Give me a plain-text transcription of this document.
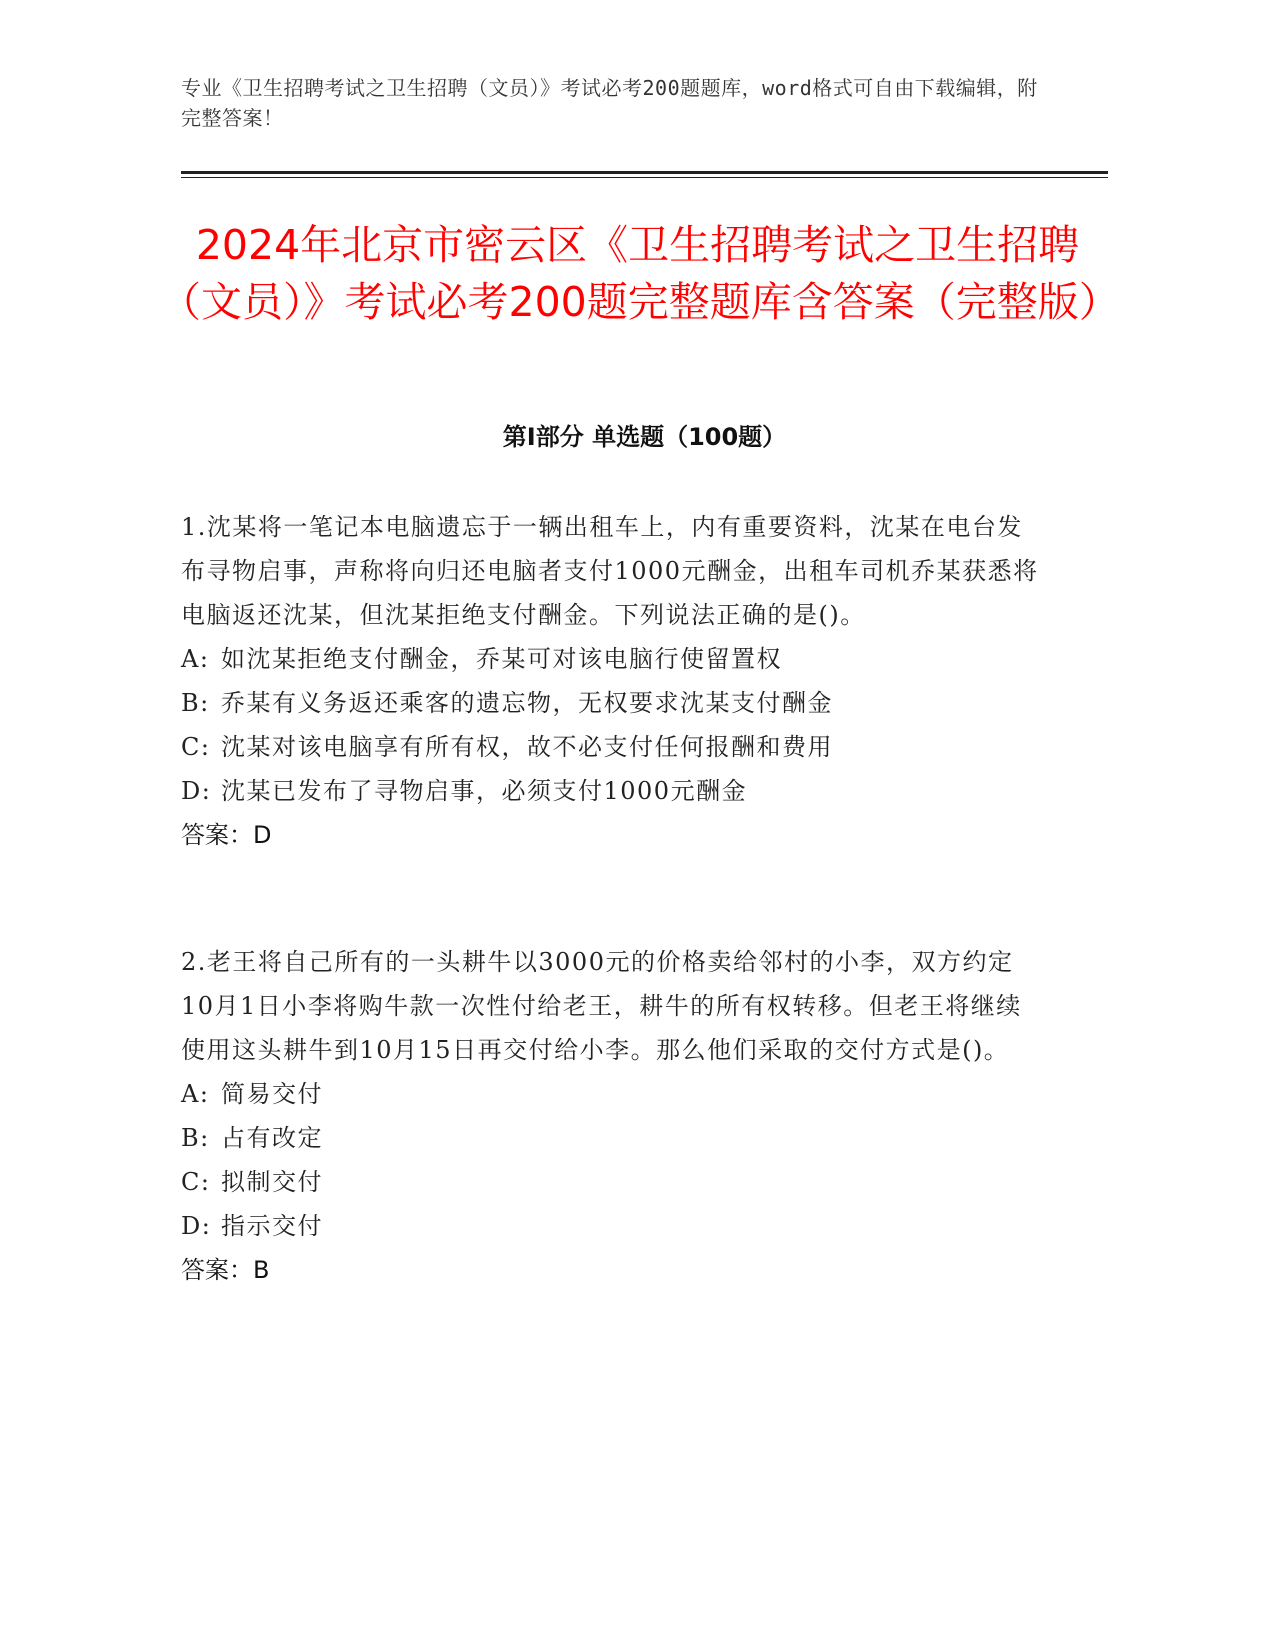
专业《卫生招聘考试之卫生招聘（文员）》考试必考200题题库，word格式可自由下载编辑，附完整答案！
2024年北京市密云区《卫生招聘考试之卫生招聘（文员）》考试必考200题完整题库含答案（完整版）
第I部分 单选题（100题）

1.沈某将一笔记本电脑遗忘于一辆出租车上，内有重要资料，沈某在电台发布寻物启事，声称将向归还电脑者支付1000元酬金，出租车司机乔某获悉将电脑返还沈某，但沈某拒绝支付酬金。下列说法正确的是()。

A: 如沈某拒绝支付酬金，乔某可对该电脑行使留置权

B: 乔某有义务返还乘客的遗忘物，无权要求沈某支付酬金

C: 沈某对该电脑享有所有权，故不必支付任何报酬和费用

D: 沈某已发布了寻物启事，必须支付1000元酬金

答案：D

2.老王将自己所有的一头耕牛以3000元的价格卖给邻村的小李，双方约定10月1日小李将购牛款一次性付给老王，耕牛的所有权转移。但老王将继续使用这头耕牛到10月15日再交付给小李。那么他们采取的交付方式是()。

A: 简易交付

B: 占有改定

C: 拟制交付

D: 指示交付

答案：B
